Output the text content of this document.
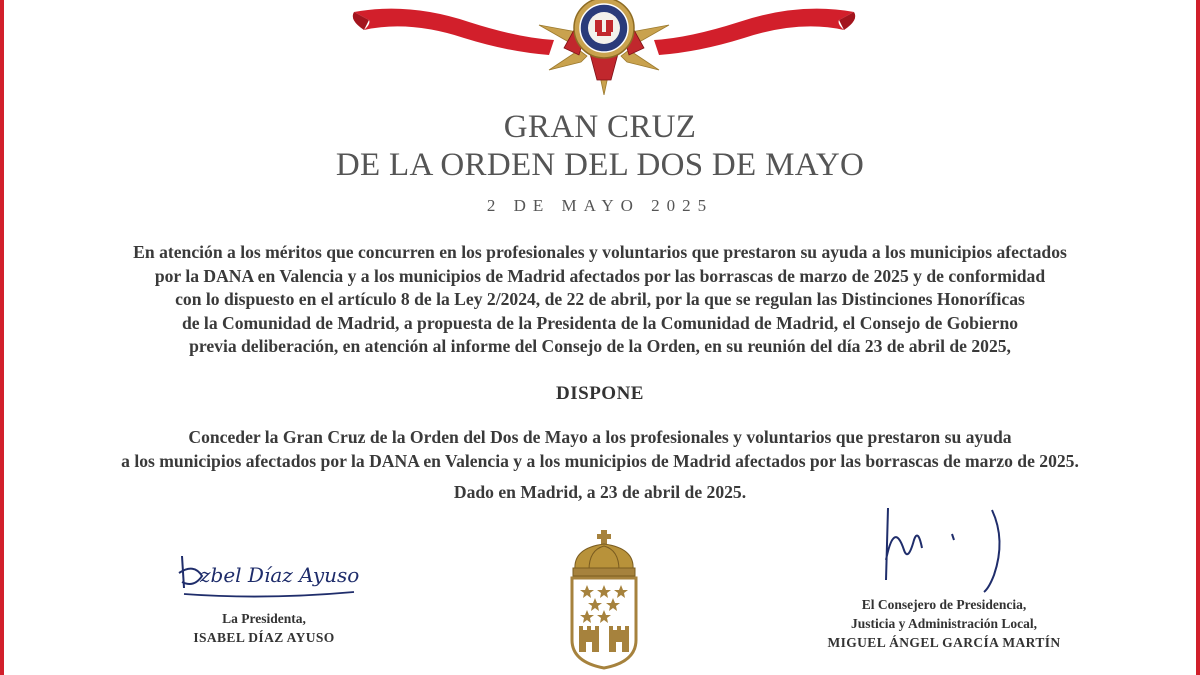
GRAN CRUZ
DE LA ORDEN DEL DOS DE MAYO
2 DE MAYO 2025
En atención a los méritos que concurren en los profesionales y voluntarios que prestaron su ayuda a los municipios afectados
por la DANA en Valencia y a los municipios de Madrid afectados por las borrascas de marzo de 2025 y de conformidad
con lo dispuesto en el artículo 8 de la Ley 2/2024, de 22 de abril, por la que se regulan las Distinciones Honoríficas
de la Comunidad de Madrid, a propuesta de la Presidenta de la Comunidad de Madrid, el Consejo de Gobierno
previa deliberación, en atención al informe del Consejo de la Orden, en su reunión del día 23 de abril de 2025,
DISPONE
Conceder la Gran Cruz de la Orden del Dos de Mayo a los profesionales y voluntarios que prestaron su ayuda
a los municipios afectados por la DANA en Valencia y a los municipios de Madrid afectados por las borrascas de marzo de 2025.
Dado en Madrid, a 23 de abril de 2025.
zbel Díaz Ayuso
La Presidenta,
ISABEL DÍAZ AYUSO
El Consejero de Presidencia,
Justicia y Administración Local,
MIGUEL ÁNGEL GARCÍA MARTÍN
